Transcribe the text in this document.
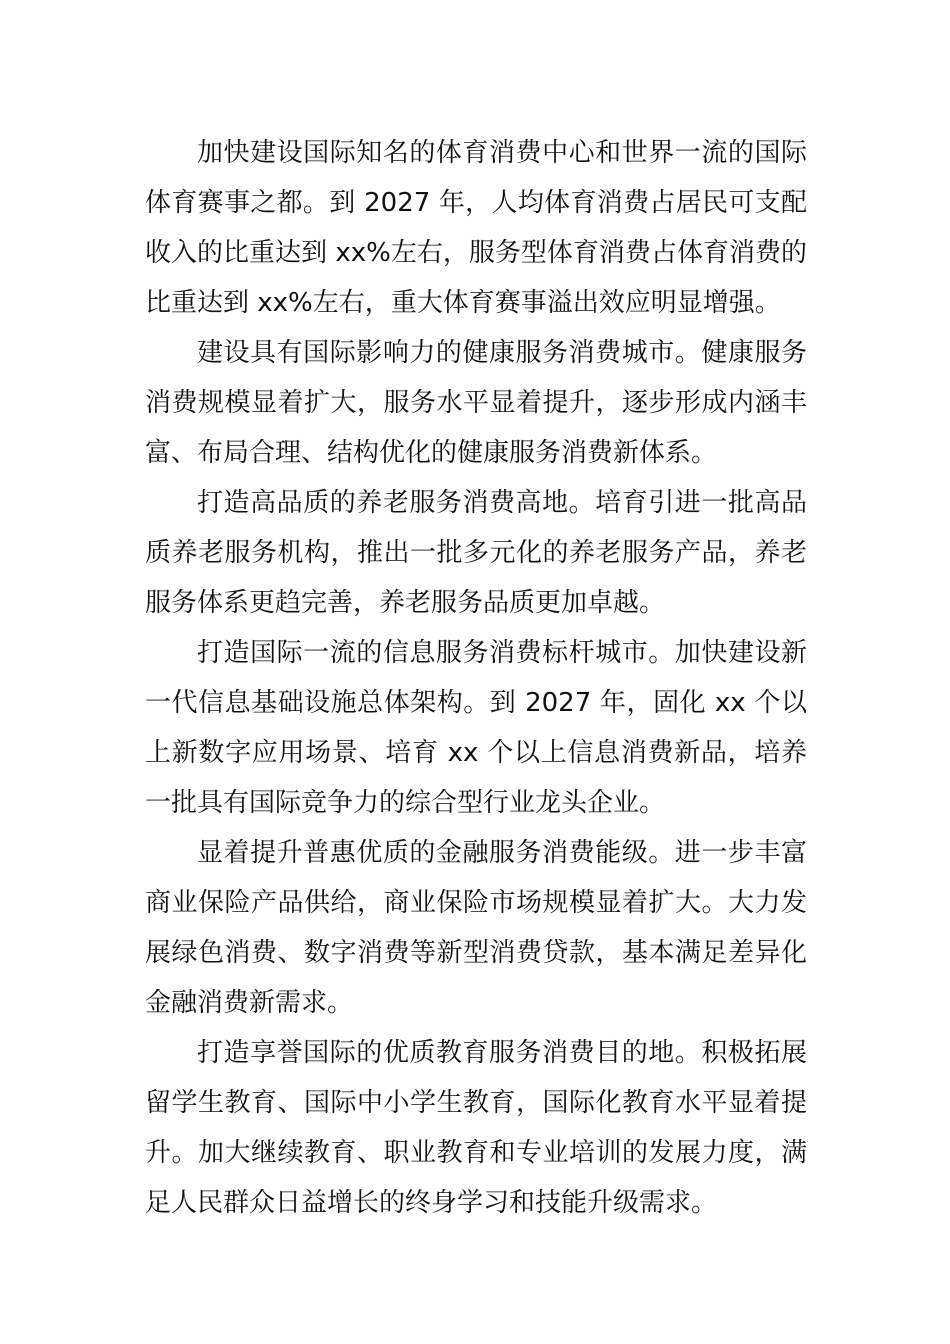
加快建设国际知名的体育消费中心和世界一流的国际体育赛事之都。到 2027 年，人均体育消费占居民可支配收入的比重达到 xx%左右，服务型体育消费占体育消费的比重达到 xx%左右，重大体育赛事溢出效应明显增强。

建设具有国际影响力的健康服务消费城市。健康服务消费规模显着扩大，服务水平显着提升，逐步形成内涵丰富、布局合理、结构优化的健康服务消费新体系。

打造高品质的养老服务消费高地。培育引进一批高品质养老服务机构，推出一批多元化的养老服务产品，养老服务体系更趋完善，养老服务品质更加卓越。

打造国际一流的信息服务消费标杆城市。加快建设新一代信息基础设施总体架构。到 2027 年，固化 xx 个以上新数字应用场景、培育 xx 个以上信息消费新品，培养一批具有国际竞争力的综合型行业龙头企业。

显着提升普惠优质的金融服务消费能级。进一步丰富商业保险产品供给，商业保险市场规模显着扩大。大力发展绿色消费、数字消费等新型消费贷款，基本满足差异化金融消费新需求。

打造享誉国际的优质教育服务消费目的地。积极拓展留学生教育、国际中小学生教育，国际化教育水平显着提升。加大继续教育、职业教育和专业培训的发展力度，满足人民群众日益增长的终身学习和技能升级需求。
